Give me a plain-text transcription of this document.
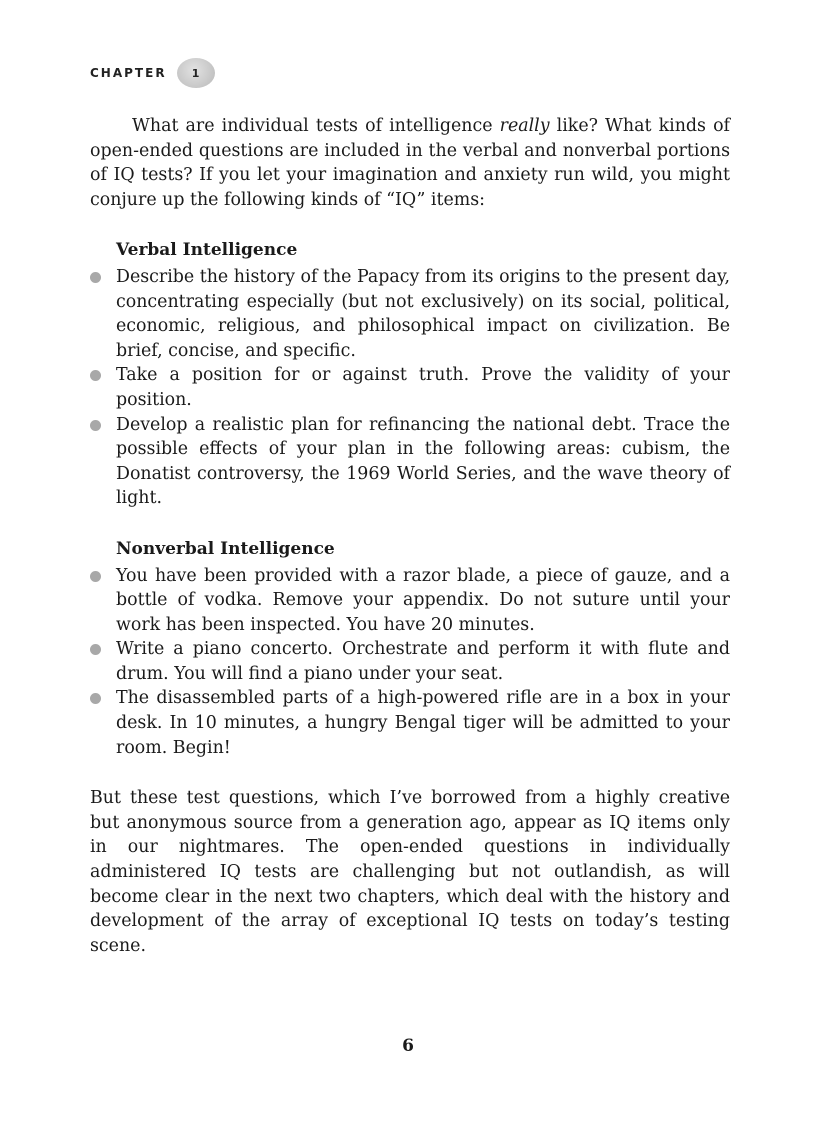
CHAPTER 1

What are individual tests of intelligence really like? What kinds of open-ended questions are included in the verbal and nonverbal portions of IQ tests? If you let your imagination and anxiety run wild, you might conjure up the following kinds of “IQ” items:

Verbal Intelligence
Describe the history of the Papacy from its origins to the present day, concentrating especially (but not exclusively) on its social, political, economic, religious, and philosophical impact on civilization. Be brief, concise, and specific.
Take a position for or against truth. Prove the validity of your position.
Develop a realistic plan for refinancing the national debt. Trace the possible effects of your plan in the following areas: cubism, the Donatist controversy, the 1969 World Series, and the wave theory of light.
Nonverbal Intelligence
You have been provided with a razor blade, a piece of gauze, and a bottle of vodka. Remove your appendix. Do not suture until your work has been inspected. You have 20 minutes.
Write a piano concerto. Orchestrate and perform it with flute and drum. You will find a piano under your seat.
The disassembled parts of a high-powered rifle are in a box in your desk. In 10 minutes, a hungry Bengal tiger will be admitted to your room. Begin!

But these test questions, which I’ve borrowed from a highly creative but anonymous source from a generation ago, appear as IQ items only in our nightmares. The open-ended questions in individually administered IQ tests are challenging but not outlandish, as will become clear in the next two chapters, which deal with the history and development of the array of exceptional IQ tests on today’s testing scene.

6
